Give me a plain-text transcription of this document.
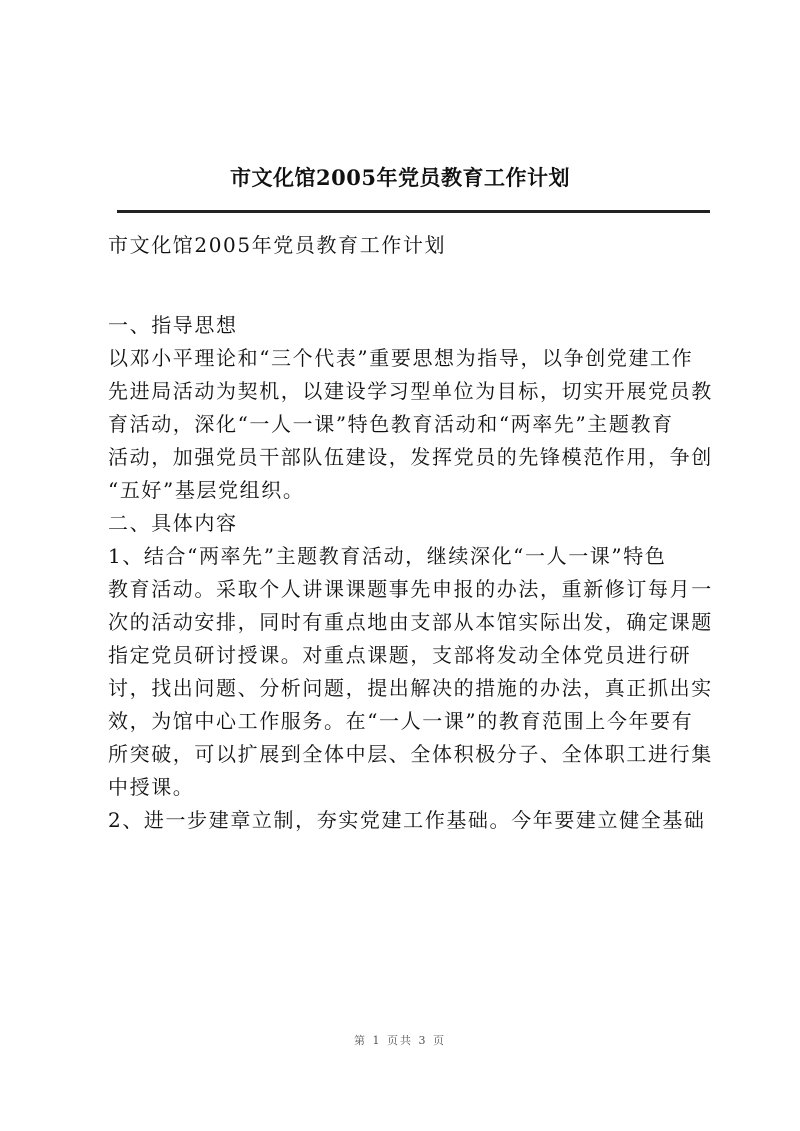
市文化馆2005年党员教育工作计划
市文化馆2005年党员教育工作计划
一、指导思想
以邓小平理论和“三个代表”重要思想为指导，以争创党建工作
先进局活动为契机，以建设学习型单位为目标，切实开展党员教
育活动，深化“一人一课”特色教育活动和“两率先”主题教育
活动，加强党员干部队伍建设，发挥党员的先锋模范作用，争创
“五好”基层党组织。
二、具体内容
1、结合“两率先”主题教育活动，继续深化“一人一课”特色
教育活动。采取个人讲课课题事先申报的办法，重新修订每月一
次的活动安排，同时有重点地由支部从本馆实际出发，确定课题
指定党员研讨授课。对重点课题，支部将发动全体党员进行研
讨，找出问题、分析问题，提出解决的措施的办法，真正抓出实
效，为馆中心工作服务。在“一人一课”的教育范围上今年要有
所突破，可以扩展到全体中层、全体积极分子、全体职工进行集
中授课。
2、进一步建章立制，夯实党建工作基础。今年要建立健全基础
第 1 页共 3 页
